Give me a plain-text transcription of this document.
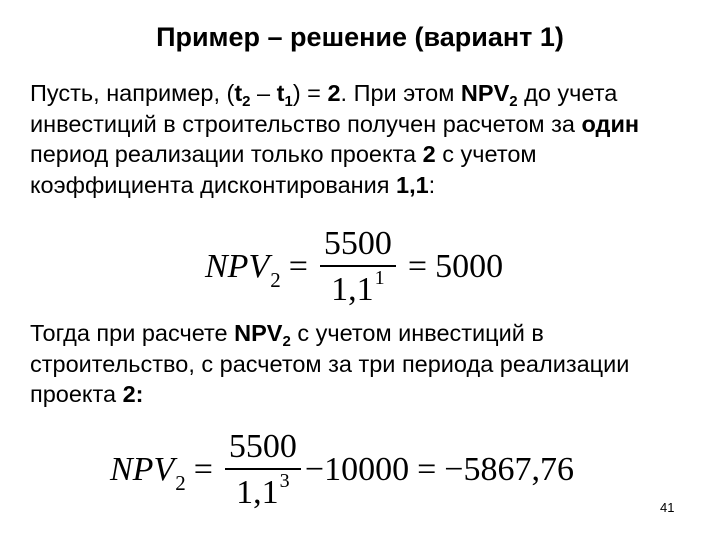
Пример – решение (вариант 1)
Пусть, например, $(t_2 - t_1) = 2$. При этом $NPV_2$ до учета инвестиций в строительство получен расчетом за один период реализации только проекта 2 с учетом коэффициента дисконтирования 1,1:
NPV $2 = \frac{5500}{1,1^1} = 5000$
Тогда при расчете $NPV_2$ с учетом инвестиций в строительство, с расчетом за три периода реализации проекта 2:
NPV $2 = \frac{5500}{1,1^3} -10000 = -5867,76$
41
